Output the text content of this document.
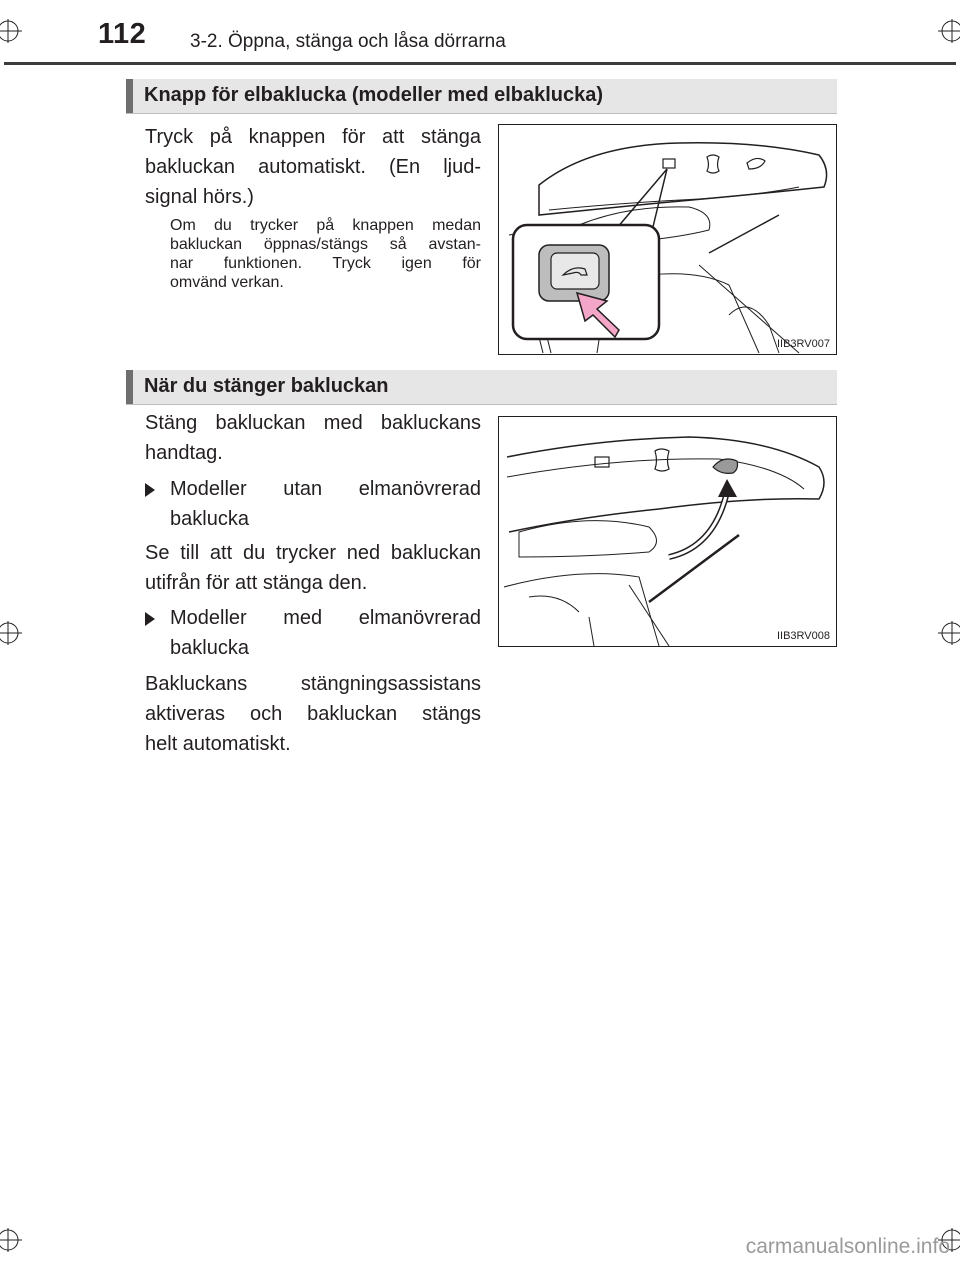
112 3-2. Öppna, stänga och låsa dörrarna
Knapp för elbaklucka (modeller med elbaklucka)
Tryck på knappen för att stänga
bakluckan automatiskt. (En ljud-
signal hörs.)
Om du trycker på knappen medan
bakluckan öppnas/stängs så avstan-
nar funktionen. Tryck igen för
omvänd verkan.
IIB3RV007
När du stänger bakluckan
Stäng bakluckan med bakluckans
handtag.
Modeller utan elmanövrerad
baklucka
Se till att du trycker ned bakluckan
utifrån för att stänga den.
Modeller med elmanövrerad
baklucka
Bakluckans stängningsassistans
aktiveras och bakluckan stängs
helt automatiskt.
IIB3RV008
carmanualsonline.info
